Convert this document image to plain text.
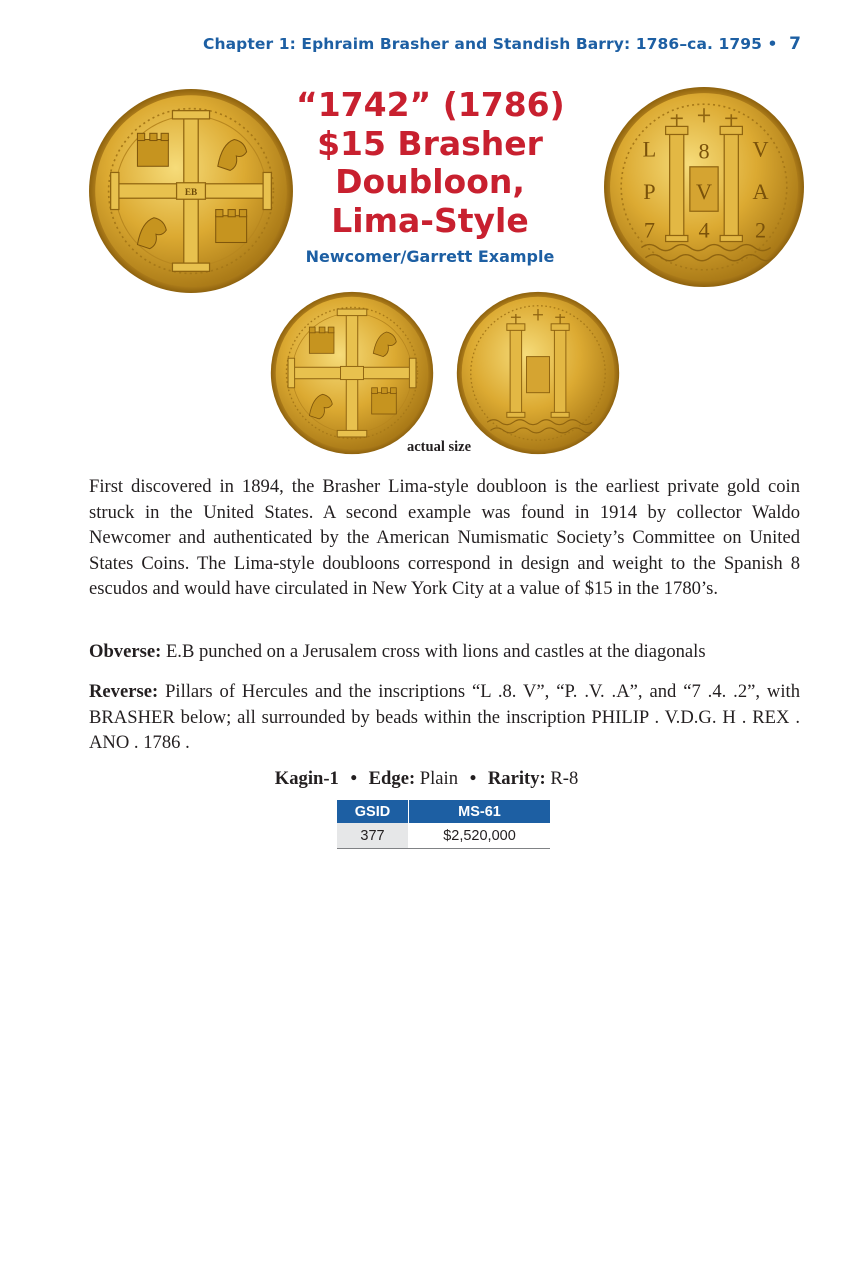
Chapter 1: Ephraim Brasher and Standish Barry: 1786–ca. 1795 • 7
EB
L 8 V
P V A
7 4 2
“1742” (1786)
$15 Brasher
Doubloon,
Lima-Style
Newcomer/Garrett Example
actual size

First discovered in 1894, the Brasher Lima-style doubloon is the earliest private gold coin struck in the United States. A second example was found in 1914 by collector Waldo Newcomer and authenticated by the American Numismatic Society’s Committee on United States Coins. The Lima-style doubloons correspond in design and weight to the Spanish 8 escudos and would have circulated in New York City at a value of $15 in the 1780’s.

Obverse: E.B punched on a Jerusalem cross with lions and castles at the diagonals

Reverse: Pillars of Hercules and the inscriptions “L .8. V”, “P. .V. .A”, and “7 .4. .2”, with BRASHER below; all surrounded by beads within the inscription PHILIP . V.D.G. H . REX . ANO . 1786 .

Kagin-1 • Edge: Plain • Rarity: R-8
GSID	MS-61
377	$2,520,000
